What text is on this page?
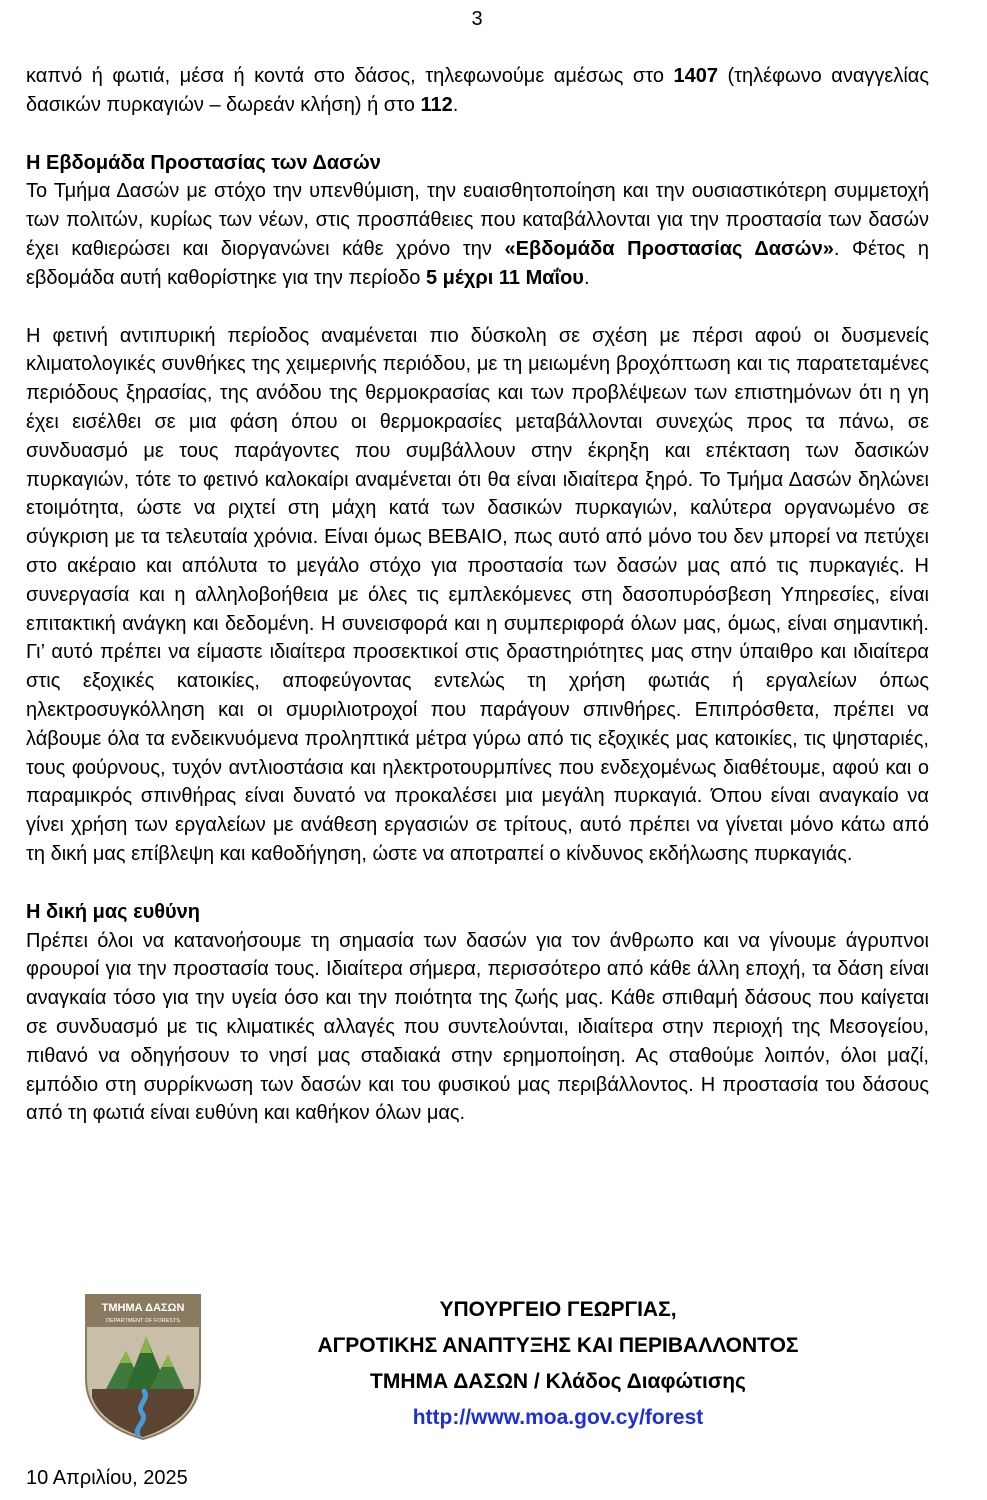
3

καπνό ή φωτιά, μέσα ή κοντά στο δάσος, τηλεφωνούμε αμέσως στο 1407 (τηλέφωνο αναγγελίας δασικών πυρκαγιών – δωρεάν κλήση) ή στο 112.

Η Εβδομάδα Προστασίας των Δασών

Το Τμήμα Δασών με στόχο την υπενθύμιση, την ευαισθητοποίηση και την ουσιαστικότερη συμμετοχή των πολιτών, κυρίως των νέων, στις προσπάθειες που καταβάλλονται για την προστασία των δασών έχει καθιερώσει και διοργανώνει κάθε χρόνο την «Εβδομάδα Προστασίας Δασών». Φέτος η εβδομάδα αυτή καθορίστηκε για την περίοδο 5 μέχρι 11 Μαΐου.

Η φετινή αντιπυρική περίοδος αναμένεται πιο δύσκολη σε σχέση με πέρσι αφού οι δυσμενείς κλιματολογικές συνθήκες της χειμερινής περιόδου, με τη μειωμένη βροχόπτωση και τις παρατεταμένες περιόδους ξηρασίας, της ανόδου της θερμοκρασίας και των προβλέψεων των επιστημόνων ότι η γη έχει εισέλθει σε μια φάση όπου οι θερμοκρασίες μεταβάλλονται συνεχώς προς τα πάνω, σε συνδυασμό με τους παράγοντες που συμβάλλουν στην έκρηξη και επέκταση των δασικών πυρκαγιών, τότε το φετινό καλοκαίρι αναμένεται ότι θα είναι ιδιαίτερα ξηρό. Το Τμήμα Δασών δηλώνει ετοιμότητα, ώστε να ριχτεί στη μάχη κατά των δασικών πυρκαγιών, καλύτερα οργανωμένο σε σύγκριση με τα τελευταία χρόνια. Είναι όμως ΒΕΒΑΙΟ, πως αυτό από μόνο του δεν μπορεί να πετύχει στο ακέραιο και απόλυτα το μεγάλο στόχο για προστασία των δασών μας από τις πυρκαγιές. Η συνεργασία και η αλληλοβοήθεια με όλες τις εμπλεκόμενες στη δασοπυρόσβεση Υπηρεσίες, είναι επιτακτική ανάγκη και δεδομένη. Η συνεισφορά και η συμπεριφορά όλων μας, όμως, είναι σημαντική. Γι’ αυτό πρέπει να είμαστε ιδιαίτερα προσεκτικοί στις δραστηριότητες μας στην ύπαιθρο και ιδιαίτερα στις εξοχικές κατοικίες, αποφεύγοντας εντελώς τη χρήση φωτιάς ή εργαλείων όπως ηλεκτροσυγκόλληση και οι σμυριλιοτροχοί που παράγουν σπινθήρες. Επιπρόσθετα, πρέπει να λάβουμε όλα τα ενδεικνυόμενα προληπτικά μέτρα γύρω από τις εξοχικές μας κατοικίες, τις ψησταριές, τους φούρνους, τυχόν αντλιοστάσια και ηλεκτροτουρμπίνες που ενδεχομένως διαθέτουμε, αφού και ο παραμικρός σπινθήρας είναι δυνατό να προκαλέσει μια μεγάλη πυρκαγιά. Όπου είναι αναγκαίο να γίνει χρήση των εργαλείων με ανάθεση εργασιών σε τρίτους, αυτό πρέπει να γίνεται μόνο κάτω από τη δική μας επίβλεψη και καθοδήγηση, ώστε να αποτραπεί ο κίνδυνος εκδήλωσης πυρκαγιάς.

Η δική μας ευθύνη

Πρέπει όλοι να κατανοήσουμε τη σημασία των δασών για τον άνθρωπο και να γίνουμε άγρυπνοι φρουροί για την προστασία τους. Ιδιαίτερα σήμερα, περισσότερο από κάθε άλλη εποχή, τα δάση είναι αναγκαία τόσο για την υγεία όσο και την ποιότητα της ζωής μας. Κάθε σπιθαμή δάσους που καίγεται σε συνδυασμό με τις κλιματικές αλλαγές που συντελούνται, ιδιαίτερα στην περιοχή της Μεσογείου, πιθανό να οδηγήσουν το νησί μας σταδιακά στην ερημοποίηση. Ας σταθούμε λοιπόν, όλοι μαζί, εμπόδιο στη συρρίκνωση των δασών και του φυσικού μας περιβάλλοντος. Η προστασία του δάσους από τη φωτιά είναι ευθύνη και καθήκον όλων μας.

ΤΜΗΜΑ ΔΑΣΩΝ
DEPARTMENT OF FORESTS	ΥΠΟΥΡΓΕΙΟ ΓΕΩΡΓΙΑΣ,
ΑΓΡΟΤΙΚΗΣ ΑΝΑΠΤΥΞΗΣ ΚΑΙ ΠΕΡΙΒΑΛΛΟΝΤΟΣ
ΤΜΗΜΑ ΔΑΣΩΝ / Κλάδος Διαφώτισης
http://www.moa.gov.cy/forest
10 Απριλίου, 2025
